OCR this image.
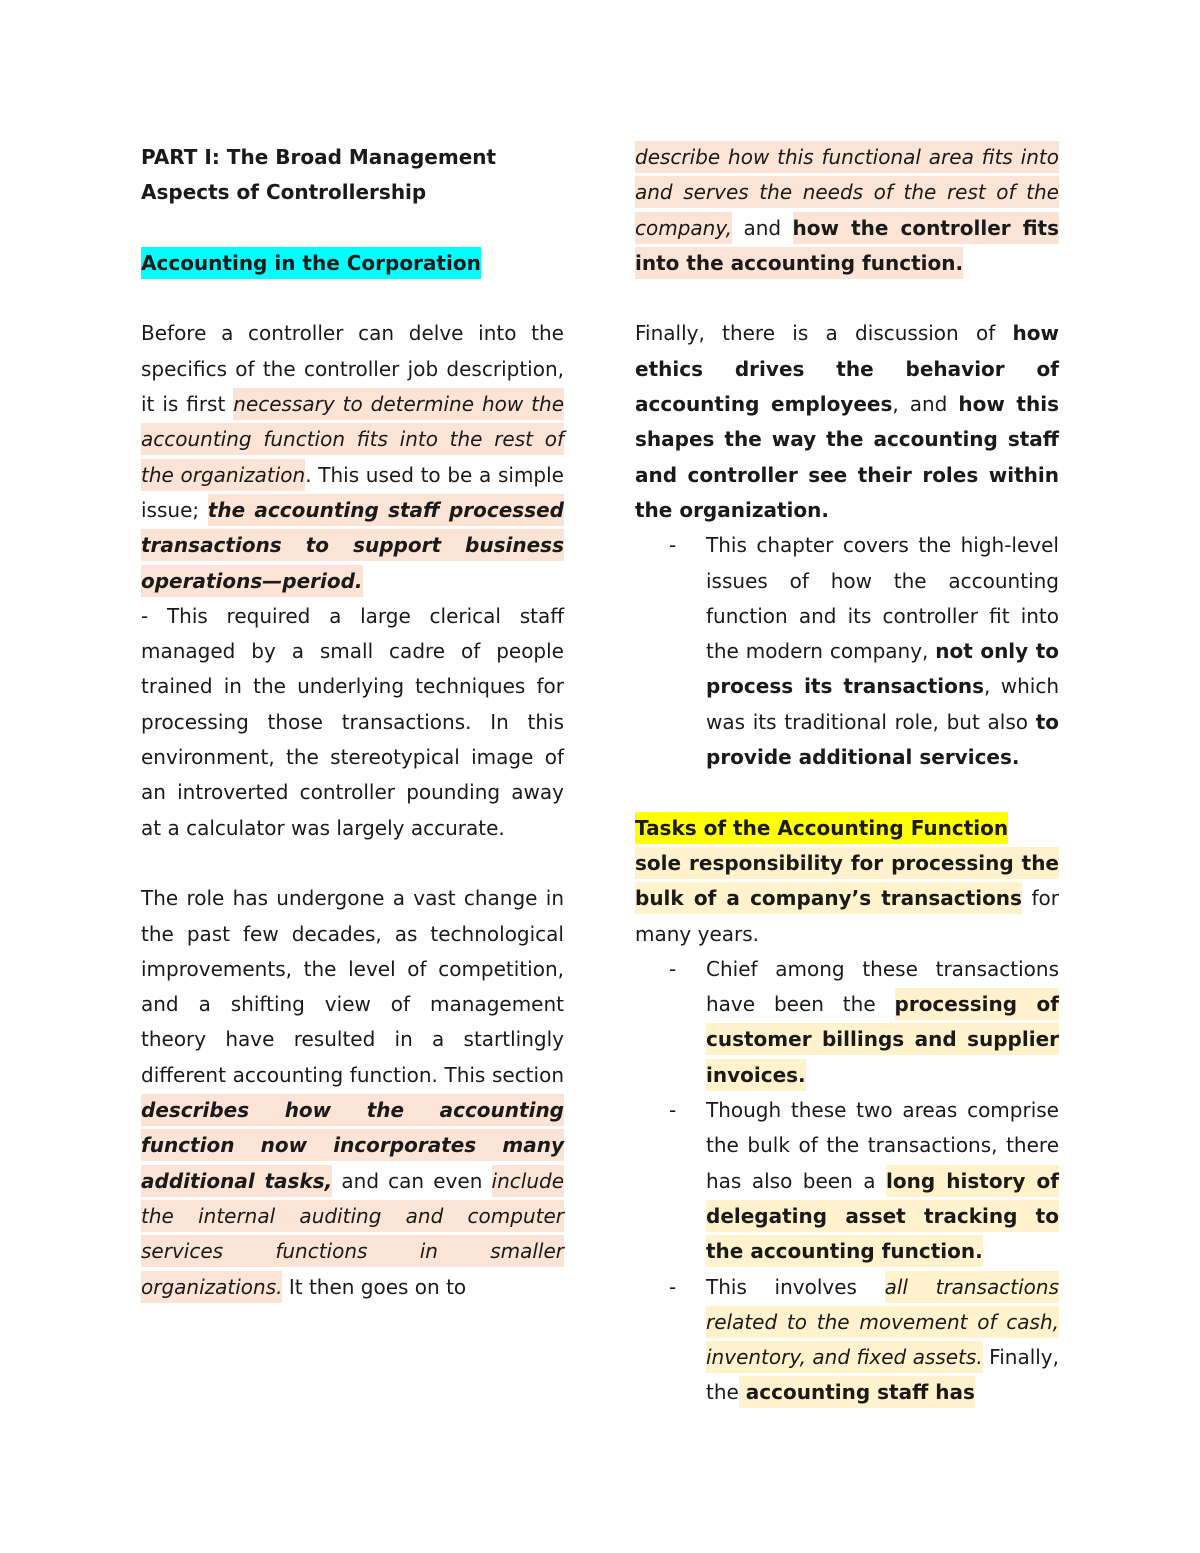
PART I: The Broad Management Aspects of Controllership

Accounting in the Corporation

Before a controller can delve into the specifics of the controller job description, it is first necessary to determine how the accounting function fits into the rest of the organization. This used to be a simple issue; the accounting staff processed transactions to support business operations—period.

- This required a large clerical staff managed by a small cadre of people trained in the underlying techniques for processing those transactions. In this environment, the stereotypical image of an introverted controller pounding away at a calculator was largely accurate.

The role has undergone a vast change in the past few decades, as technological improvements, the level of competition, and a shifting view of management theory have resulted in a startlingly different accounting function. This section describes how the accounting function now incorporates many additional tasks, and can even include the internal auditing and computer services functions in smaller organizations. It then goes on to

describe how this functional area fits into and serves the needs of the rest of the company, and how the controller fits into the accounting function.

Finally, there is a discussion of how ethics drives the behavior of accounting employees, and how this shapes the way the accounting staff and controller see their roles within the organization.

- This chapter covers the high-level issues of how the accounting function and its controller fit into the modern company, not only to process its transactions, which was its traditional role, but also to provide additional services.

Tasks of the Accounting Function

sole responsibility for processing the bulk of a company’s transactions for many years.

- Chief among these transactions have been the processing of customer billings and supplier invoices.

- Though these two areas comprise the bulk of the transactions, there has also been a long history of delegating asset tracking to the accounting function.

- This involves all transactions related to the movement of cash, inventory, and fixed assets. Finally, the accounting staff has
